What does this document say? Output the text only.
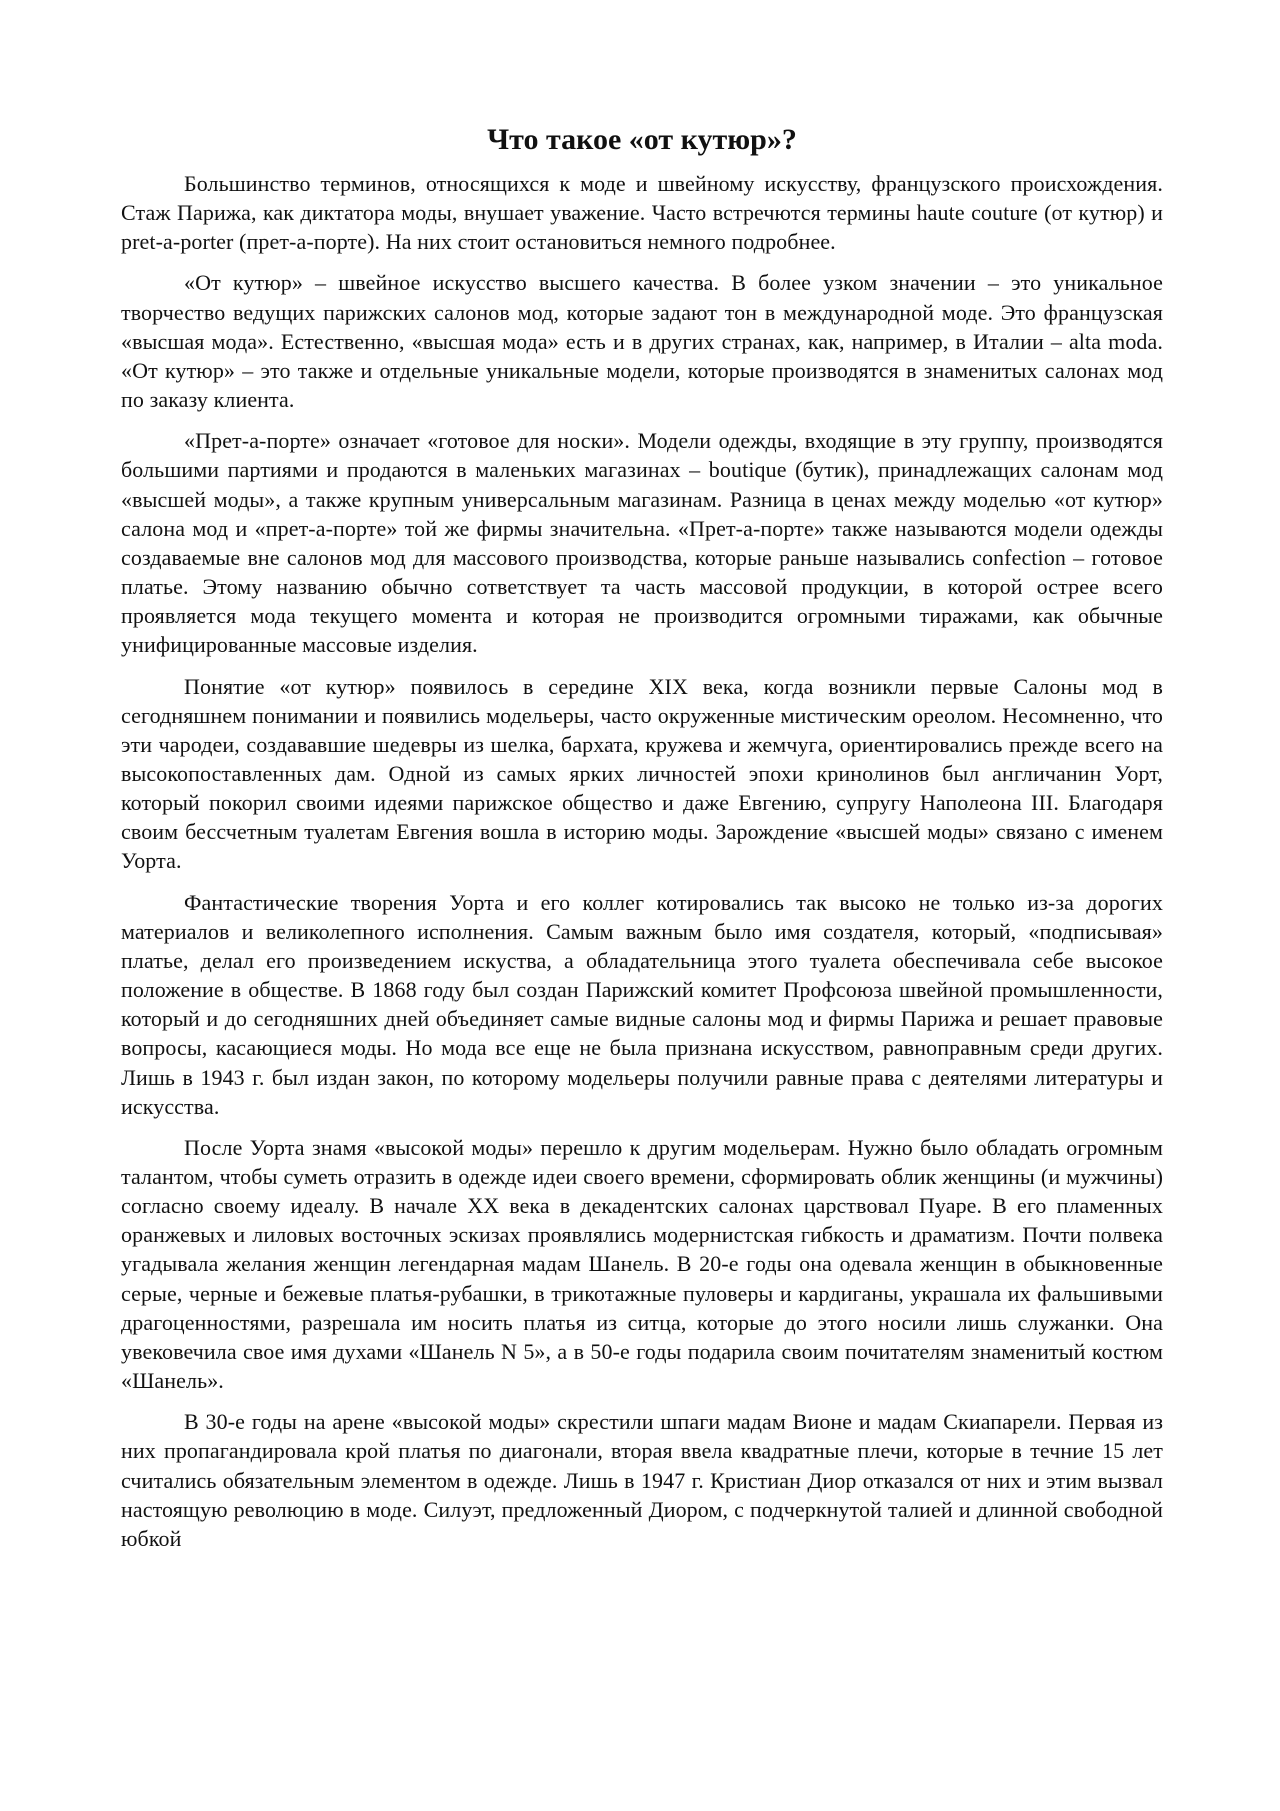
Что такое «от кутюр»?

Большинство терминов, относящихся к моде и швейному искусству, французского происхождения. Стаж Парижа, как диктатора моды, внушает уважение. Часто встречются термины haute couture (от кутюр) и pret-a-porter (прет-а-порте). На них стоит остановиться немного подробнее.

«От кутюр» – швейное искусство высшего качества. В более узком значении – это уникальное творчество ведущих парижских салонов мод, которые задают тон в международной моде. Это французская «высшая мода». Естественно, «высшая мода» есть и в других странах, как, например, в Италии – alta moda. «От кутюр» – это также и отдельные уникальные модели, которые производятся в знаменитых салонах мод по заказу клиента.

«Прет-а-порте» означает «готовое для носки». Модели одежды, входящие в эту группу, производятся большими партиями и продаются в маленьких магазинах – boutique (бутик), принадлежащих салонам мод «высшей моды», а также крупным универсальным магазинам. Разница в ценах между моделью «от кутюр» салона мод и «прет-а-порте» той же фирмы значительна. «Прет-а-порте» также называются модели одежды создаваемые вне салонов мод для массового производства, которые раньше назывались confection – готовое платье. Этому названию обычно сответствует та часть массовой продукции, в которой острее всего проявляется мода текущего момента и которая не производится огромными тиражами, как обычные унифицированные массовые изделия.

Понятие «от кутюр» появилось в середине XIX века, когда возникли первые Салоны мод в сегодняшнем понимании и появились модельеры, часто окруженные мистическим ореолом. Несомненно, что эти чародеи, создававшие шедевры из шелка, бархата, кружева и жемчуга, ориентировались прежде всего на высокопоставленных дам. Одной из самых ярких личностей эпохи кринолинов был англичанин Уорт, который покорил своими идеями парижское общество и даже Евгению, супругу Наполеона III. Благодаря своим бессчетным туалетам Евгения вошла в историю моды. Зарождение «высшей моды» связано с именем Уорта.

Фантастические творения Уорта и его коллег котировались так высоко не только из-за дорогих материалов и великолепного исполнения. Самым важным было имя создателя, который, «подписывая» платье, делал его произведением искуства, а обладательница этого туалета обеспечивала себе высокое положение в обществе. В 1868 году был создан Парижский комитет Профсоюза швейной промышленности, который и до сегодняшних дней объединяет самые видные салоны мод и фирмы Парижа и решает правовые вопросы, касающиеся моды. Но мода все еще не была признана искусством, равноправным среди других. Лишь в 1943 г. был издан закон, по которому модельеры получили равные права с деятелями литературы и искусства.

После Уорта знамя «высокой моды» перешло к другим модельерам. Нужно было обладать огромным талантом, чтобы суметь отразить в одежде идеи своего времени, сформировать облик женщины (и мужчины) согласно своему идеалу. В начале XX века в декадентских салонах царствовал Пуаре. В его пламенных оранжевых и лиловых восточных эскизах проявлялись модернистская гибкость и драматизм. Почти полвека угадывала желания женщин легендарная мадам Шанель. В 20-е годы она одевала женщин в обыкновенные серые, черные и бежевые платья-рубашки, в трикотажные пуловеры и кардиганы, украшала их фальшивыми драгоценностями, разрешала им носить платья из ситца, которые до этого носили лишь служанки. Она увековечила свое имя духами «Шанель N 5», а в 50-е годы подарила своим почитателям знаменитый костюм «Шанель».

В 30-е годы на арене «высокой моды» скрестили шпаги мадам Вионе и мадам Скиапарели. Первая из них пропагандировала крой платья по диагонали, вторая ввела квадратные плечи, которые в течние 15 лет считались обязательным элементом в одежде. Лишь в 1947 г. Кристиан Диор отказался от них и этим вызвал настоящую революцию в моде. Силуэт, предложенный Диором, с подчеркнутой талией и длинной свободной юбкой
